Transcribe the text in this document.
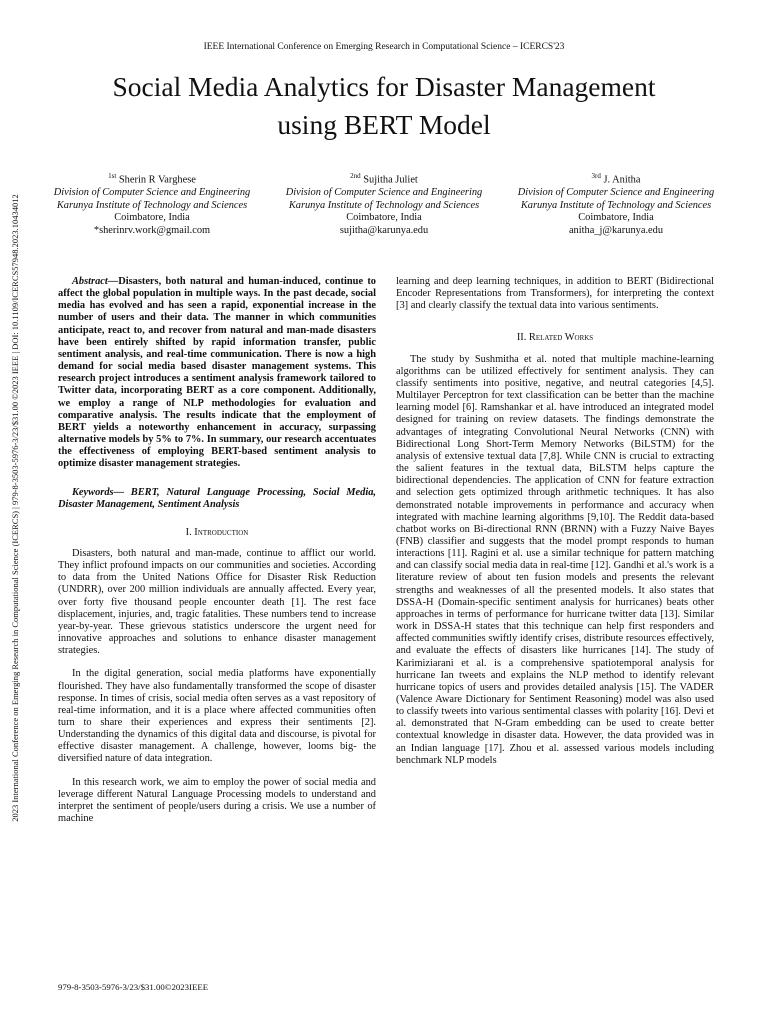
IEEE International Conference on Emerging Research in Computational Science – ICERCS'23
Social Media Analytics for Disaster Management
using BERT Model
2023 International Conference on Emerging Research in Computational Science (ICERCS) | 979-8-3503-5976-3/23/$31.00 ©2023 IEEE | DOI: 10.1109/ICERCS57948.2023.10434012
$^{1st}$ Sherin R Varghese
Division of Computer Science and Engineering
Karunya Institute of Technology and Sciences
Coimbatore, India
*sherinrv.work@gmail.com
$^{2nd}$ Sujitha Juliet
Division of Computer Science and Engineering
Karunya Institute of Technology and Sciences
Coimbatore, India
sujitha@karunya.edu
$^{3rd}$ J. Anitha
Division of Computer Science and Engineering
Karunya Institute of Technology and Sciences
Coimbatore, India
anitha_j@karunya.edu

Abstract—Disasters, both natural and human-induced, continue to affect the global population in multiple ways. In the past decade, social media has evolved and has seen a rapid, exponential increase in the number of users and their data. The manner in which communities anticipate, react to, and recover from natural and man-made disasters have been entirely shifted by rapid information transfer, public sentiment analysis, and real-time communication. There is now a high demand for social media based disaster management systems. This research project introduces a sentiment analysis framework tailored to Twitter data, incorporating BERT as a core component. Additionally, we employ a range of NLP methodologies for evaluation and comparative analysis. The results indicate that the employment of BERT yields a noteworthy enhancement in accuracy, surpassing alternative models by 5% to 7%. In summary, our research accentuates the effectiveness of employing BERT-based sentiment analysis to optimize disaster management strategies.

Keywords— BERT, Natural Language Processing, Social Media, Disaster Management, Sentiment Analysis

I. Introduction

Disasters, both natural and man-made, continue to afflict our world. They inflict profound impacts on our communities and societies. According to data from the United Nations Office for Disaster Risk Reduction (UNDRR), over 200 million individuals are annually affected. Every year, over forty five thousand people encounter death [1]. The rest face displacement, injuries, and, tragic fatalities. These numbers tend to increase year-by-year. These grievous statistics underscore the urgent need for innovative approaches and solutions to enhance disaster management strategies.

In the digital generation, social media platforms have exponentially flourished. They have also fundamentally transformed the scope of disaster response. In times of crisis, social media often serves as a vast repository of real-time information, and it is a place where affected communities often turn to share their experiences and express their sentiments [2]. Understanding the dynamics of this digital data and discourse, is pivotal for effective disaster management. A challenge, however, looms big- the diversified nature of data integration.

In this research work, we aim to employ the power of social media and leverage different Natural Language Processing models to understand and interpret the sentiment of people/users during a crisis. We use a number of machine

learning and deep learning techniques, in addition to BERT (Bidirectional Encoder Representations from Transformers), for interpreting the context [3] and clearly classify the textual data into various sentiments.

II. Related Works

The study by Sushmitha et al. noted that multiple machine-learning algorithms can be utilized effectively for sentiment analysis. They can classify sentiments into positive, negative, and neutral categories [4,5]. Multilayer Perceptron for text classification can be better than the machine learning model [6]. Ramshankar et al. have introduced an integrated model designed for training on review datasets. The findings demonstrate the advantages of integrating Convolutional Neural Networks (CNN) with Bidirectional Long Short-Term Memory Networks (BiLSTM) for the analysis of extensive textual data [7,8]. While CNN is crucial to extracting the salient features in the textual data, BiLSTM helps capture the bidirectional dependencies. The application of CNN for feature extraction and selection gets optimized through arithmetic techniques. It has also demonstrated notable improvements in performance and accuracy when integrated with machine learning algorithms [9,10]. The Reddit data-based chatbot works on Bi-directional RNN (BRNN) with a Fuzzy Naive Bayes (FNB) classifier and suggests that the model prompt responds to human interactions [11]. Ragini et al. use a similar technique for pattern matching and can classify social media data in real-time [12]. Gandhi et al.'s work is a literature review of about ten fusion models and presents the relevant strengths and weaknesses of all the presented models. It also states that DSSA-H (Domain-specific sentiment analysis for hurricanes) beats other approaches in terms of performance for hurricane twitter data [13]. Similar work in DSSA-H states that this technique can help first responders and affected communities swiftly identify crises, distribute resources effectively, and evaluate the effects of disasters like hurricanes [14]. The study of Karimiziarani et al. is a comprehensive spatiotemporal analysis for hurricane Ian tweets and explains the NLP method to identify relevant hurricane topics of users and provides detailed analysis [15]. The VADER (Valence Aware Dictionary for Sentiment Reasoning) model was also used to classify tweets into various sentimental classes with polarity [16]. Devi et al. demonstrated that N-Gram embedding can be used to create better contextual knowledge in disaster data. However, the data provided was in an Indian language [17]. Zhou et al. assessed various models including benchmark NLP models

979-8-3503-5976-3/23/$31.00©2023IEEE
